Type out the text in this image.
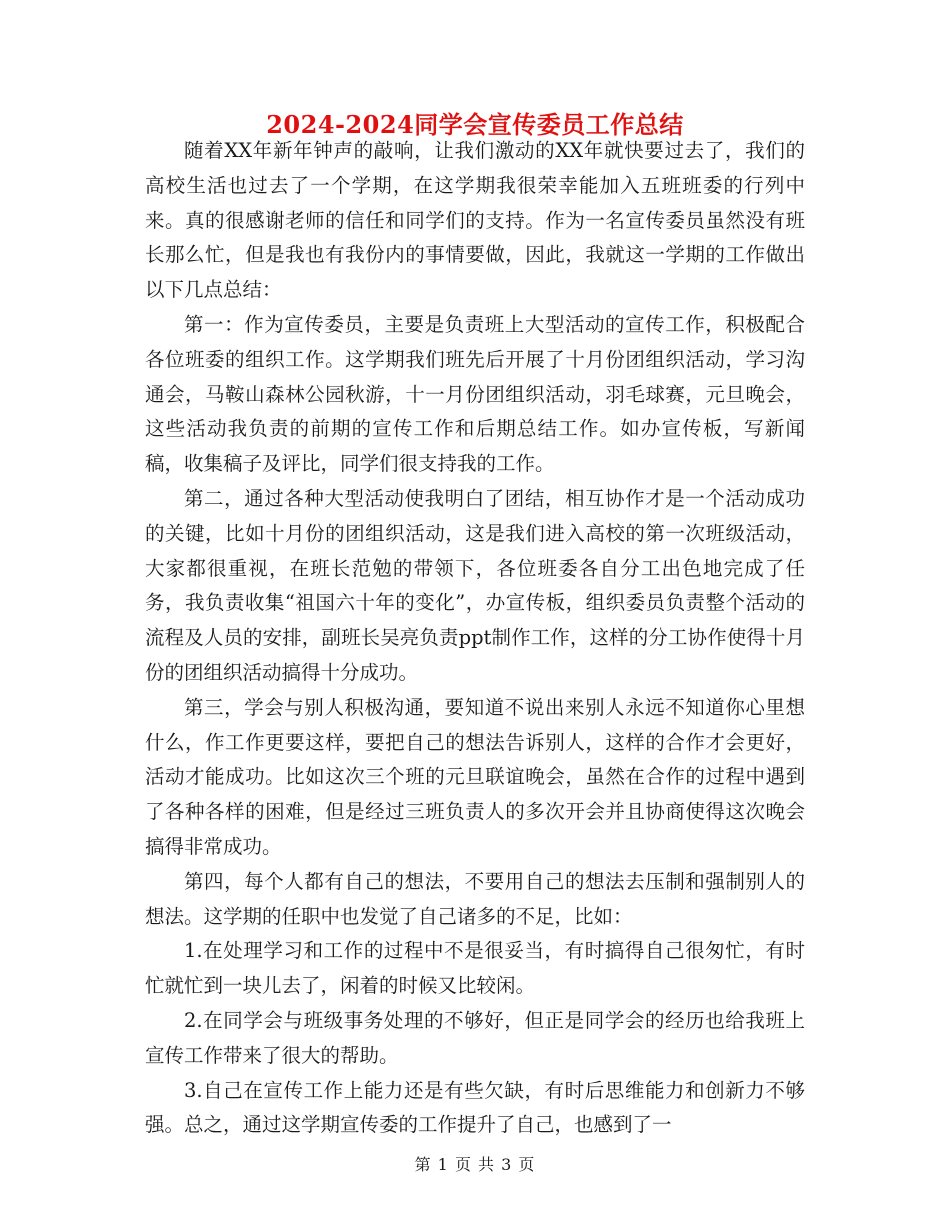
2024-2024同学会宣传委员工作总结

随着XX年新年钟声的敲响，让我们激动的XX年就快要过去了，我们的高校生活也过去了一个学期，在这学期我很荣幸能加入五班班委的行列中来。真的很感谢老师的信任和同学们的支持。作为一名宣传委员虽然没有班长那么忙，但是我也有我份内的事情要做，因此，我就这一学期的工作做出以下几点总结：

第一：作为宣传委员，主要是负责班上大型活动的宣传工作，积极配合各位班委的组织工作。这学期我们班先后开展了十月份团组织活动，学习沟通会，马鞍山森林公园秋游，十一月份团组织活动，羽毛球赛，元旦晚会，这些活动我负责的前期的宣传工作和后期总结工作。如办宣传板，写新闻稿，收集稿子及评比，同学们很支持我的工作。

第二，通过各种大型活动使我明白了团结，相互协作才是一个活动成功的关键，比如十月份的团组织活动，这是我们进入高校的第一次班级活动，大家都很重视，在班长范勉的带领下，各位班委各自分工出色地完成了任务，我负责收集“祖国六十年的变化”，办宣传板，组织委员负责整个活动的流程及人员的安排，副班长吴亮负责ppt制作工作，这样的分工协作使得十月份的团组织活动搞得十分成功。

第三，学会与别人积极沟通，要知道不说出来别人永远不知道你心里想什么，作工作更要这样，要把自己的想法告诉别人，这样的合作才会更好，活动才能成功。比如这次三个班的元旦联谊晚会，虽然在合作的过程中遇到了各种各样的困难，但是经过三班负责人的多次开会并且协商使得这次晚会搞得非常成功。

第四，每个人都有自己的想法，不要用自己的想法去压制和强制别人的想法。这学期的任职中也发觉了自己诸多的不足，比如：

1.在处理学习和工作的过程中不是很妥当，有时搞得自己很匆忙，有时忙就忙到一块儿去了，闲着的时候又比较闲。

2.在同学会与班级事务处理的不够好，但正是同学会的经历也给我班上宣传工作带来了很大的帮助。

3.自己在宣传工作上能力还是有些欠缺，有时后思维能力和创新力不够强。总之，通过这学期宣传委的工作提升了自己，也感到了一

第 1 页 共 3 页
